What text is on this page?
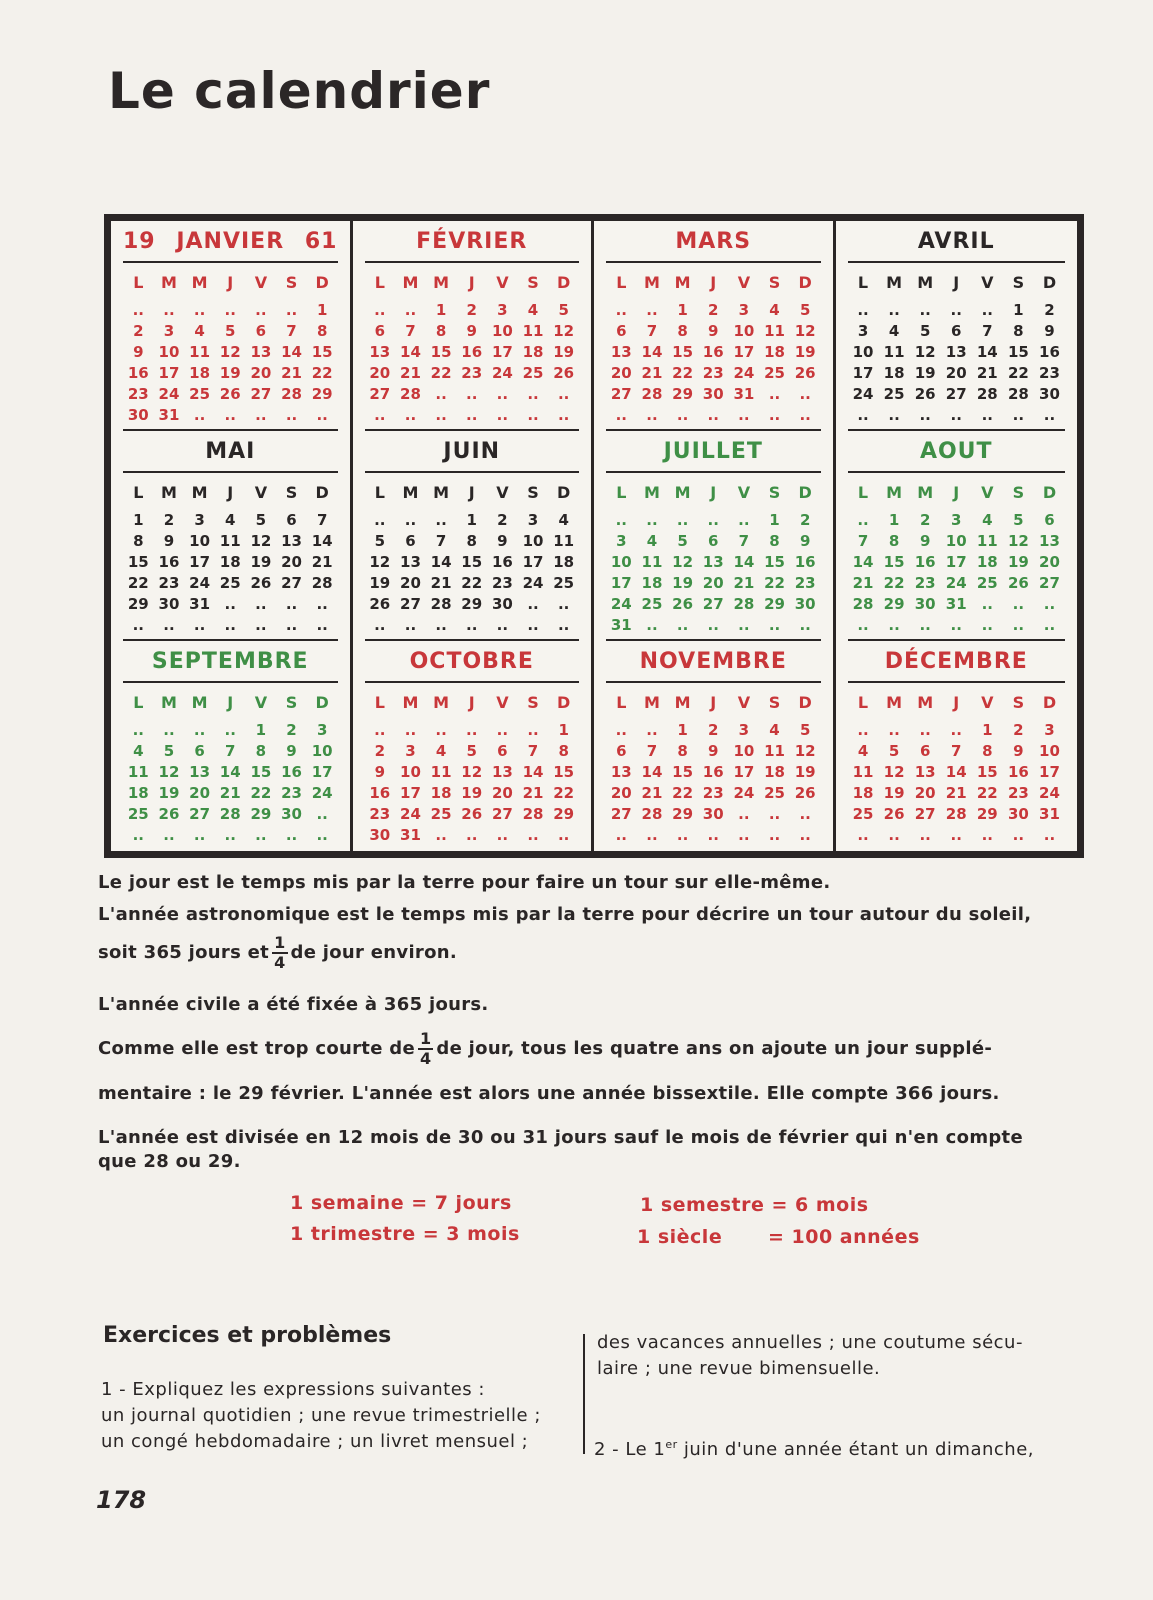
Le calendrier
19	61
JANVIER
L	M M	J	V	S	D
..	..	..	..	..	..	1
2	3	4	5	6	7	8
9 10 11 12 13 14 15
16 17 18 19 20 21 22
23 24 25 26 27 28 29
30 31 ..	..	..	..	..
FÉVRIER
L	M M	J	V	S	D
..	..	1	2	3	4	5
6	7	8	9 10 11 12
13 14 15 16 17 18 19
20 21 22 23 24 25 26
27 28 ..	..	..	..	..
..	..	..	..	..	..	..
MARS
L	M M	J	V	S	D
..	..	1	2	3	4	5
6	7	8	9 10 11 12
13 14 15 16 17 18 19
20 21 22 23 24 25 26
27 28 29 30 31 ..	..
..	..	..	..	..	..	..
AVRIL
L	M M	J	V	S	D
..	..	..	..	..	1	2
3	4	5	6	7	8	9
10 11 12 13 14 15 16
17 18 19 20 21 22 23
24 25 26 27 28 28 30
..	..	..	..	..	..	..
MAI
L	M M	J	V	S	D
1	2	3	4	5	6	7
8	9 10 11 12 13 14
15 16 17 18 19 20 21
22 23 24 25 26 27 28
29 30 31 ..	..	..	..
..	..	..	..	..	..	..
JUIN
L	M M	J	V	S	D
..	..	..	1	2	3	4
5	6	7	8	9 10 11
12 13 14 15 16 17 18
19 20 21 22 23 24 25
26 27 28 29 30 ..	..
..	..	..	..	..	..	..
JUILLET
L	M M	J	V	S	D
..	..	..	..	..	1	2
3	4	5	6	7	8	9
10 11 12 13 14 15 16
17 18 19 20 21 22 23
24 25 26 27 28 29 30
31 ..	..	..	..	..	..
AOUT
L	M M	J	V	S	D
..	1	2	3	4	5	6
7	8	9	10 11 12 13
14 15 16 17 18 19 20
21 22 23 24 25 26 27
28 29 30 31 ..	..	..
..	..	..	..	..	..	..
SEPTEMBRE
L	M M	J	V	S	D
..	..	..	..	1	2	3
4	5	6	7	8	9 10
11 12 13 14 15 16 17
18 19 20 21 22 23 24
25 26 27 28 29 30 ..
..	..	..	..	..	..	..
OCTOBRE
L	M M	J	V	S	D
..	..	..	..	..	..	1
2	3	4	5	6	7	8
9 10 11 12 13 14 15
16 17 18 19 20 21 22
23 24 25 26 27 28 29
30 31 ..	..	..	..	..
NOVEMBRE
L	M M	J	V	S	D
..	..	1	2	3	4	5
6	7	8	9 10 11 12
13 14 15 16 17 18 19
20 21 22 23 24 25 26
27 28 29 30 ..	..	..
..	..	..	..	..	..	..
DÉCEMBRE
L	M M	J	V	S	D
..	..	..	..	1	2	3
4	5	6	7	8	9	10
11 12 13 14 15 16 17
18 19 20 21 22 23 24
25 26 27 28 29 30 31
..	..	..	..	..	..	..
Le jour est le temps mis par la terre pour faire un tour sur elle-même.
L'année astronomique est le temps mis par la terre pour décrire un tour autour du soleil,
soit 365 jours et $\frac{1}{4}$ de jour environ.
L'année civile a été fixée à 365 jours.
Comme elle est trop courte de $\frac{1}{4}$ de jour, tous les quatre ans on ajoute un jour supplé-
mentaire : le 29 février. L'année est alors une année bissextile. Elle compte 366 jours.
L'année est divisée en 12 mois de 30 ou 31 jours sauf le mois de février qui n'en compte
que 28 ou 29.
1 semaine = 7 jours
1 trimestre = 3 mois
1 semestre = 6 mois
1 siècle = 100 années
Exercices et problèmes
1 - Expliquez les expressions suivantes :
un journal quotidien ; une revue trimestrielle ;
un congé hebdomadaire ; un livret mensuel ;
des vacances annuelles ; une coutume sécu-
laire ; une revue bimensuelle.
2 - Le 1er juin d'une année étant un dimanche,
178
